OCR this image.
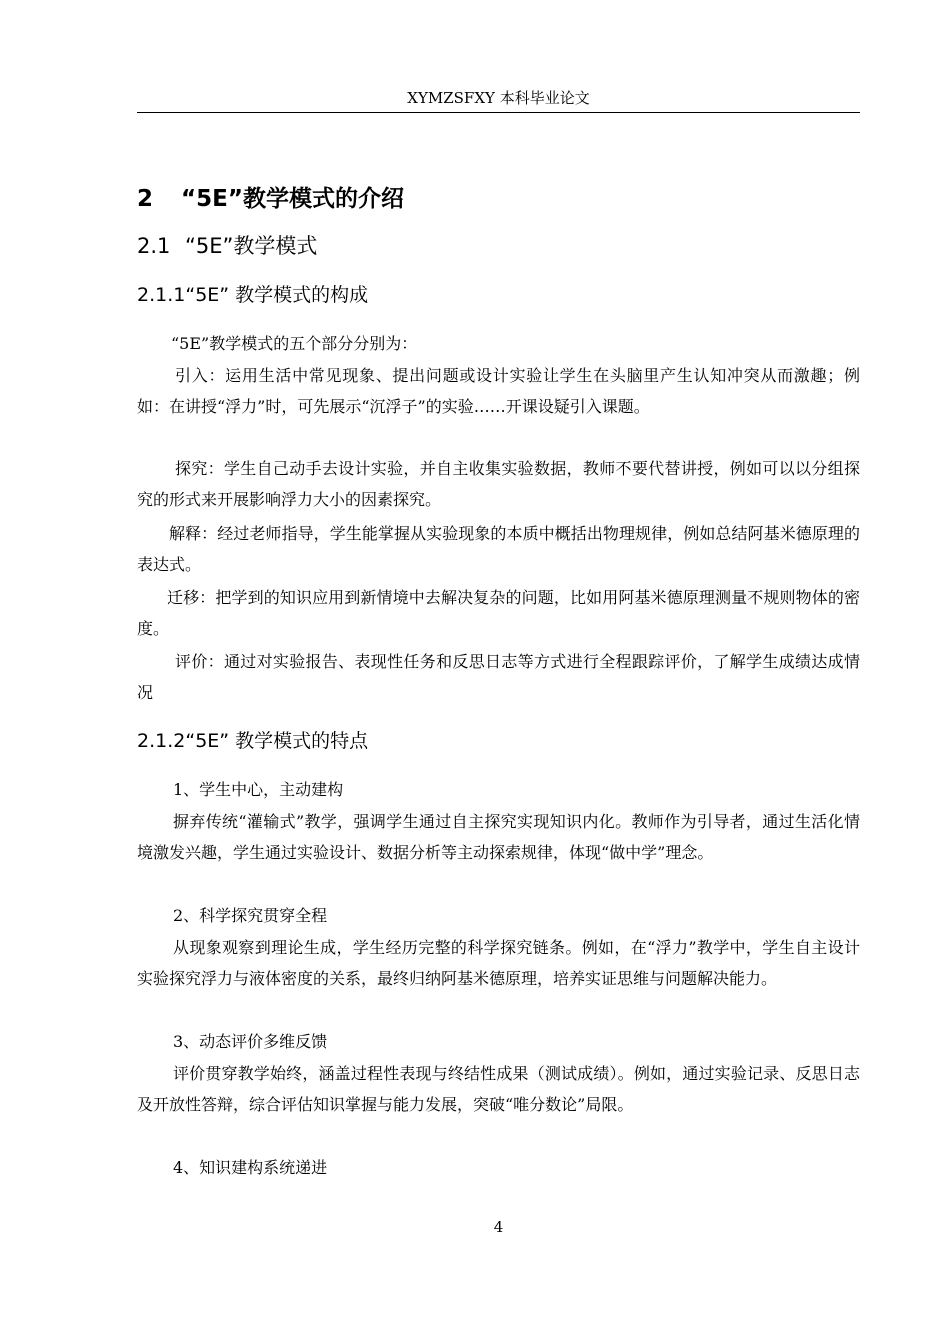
XYMZSFXY 本科毕业论文
2 “5E”教学模式的介绍
2.1 “5E”教学模式
2.1.1“5E” 教学模式的构成
“5E”教学模式的五个部分分别为：
引入：运用生活中常见现象、提出问题或设计实验让学生在头脑里产生认知冲突从而激趣；例如：在讲授“浮力”时，可先展示“沉浮子”的实验……开课设疑引入课题。
探究：学生自己动手去设计实验，并自主收集实验数据，教师不要代替讲授，例如可以以分组探究的形式来开展影响浮力大小的因素探究。
解释：经过老师指导，学生能掌握从实验现象的本质中概括出物理规律，例如总结阿基米德原理的表达式。
迁移：把学到的知识应用到新情境中去解决复杂的问题，比如用阿基米德原理测量不规则物体的密度。
评价：通过对实验报告、表现性任务和反思日志等方式进行全程跟踪评价，了解学生成绩达成情况
2.1.2“5E” 教学模式的特点
1、学生中心，主动建构
摒弃传统“灌输式”教学，强调学生通过自主探究实现知识内化。教师作为引导者，通过生活化情境激发兴趣，学生通过实验设计、数据分析等主动探索规律，体现“做中学”理念。
2、科学探究贯穿全程
从现象观察到理论生成，学生经历完整的科学探究链条。例如，在“浮力”教学中，学生自主设计实验探究浮力与液体密度的关系，最终归纳阿基米德原理，培养实证思维与问题解决能力。
3、动态评价多维反馈
评价贯穿教学始终，涵盖过程性表现与终结性成果（测试成绩）。例如，通过实验记录、反思日志及开放性答辩，综合评估知识掌握与能力发展，突破“唯分数论”局限。
4、知识建构系统递进
4
